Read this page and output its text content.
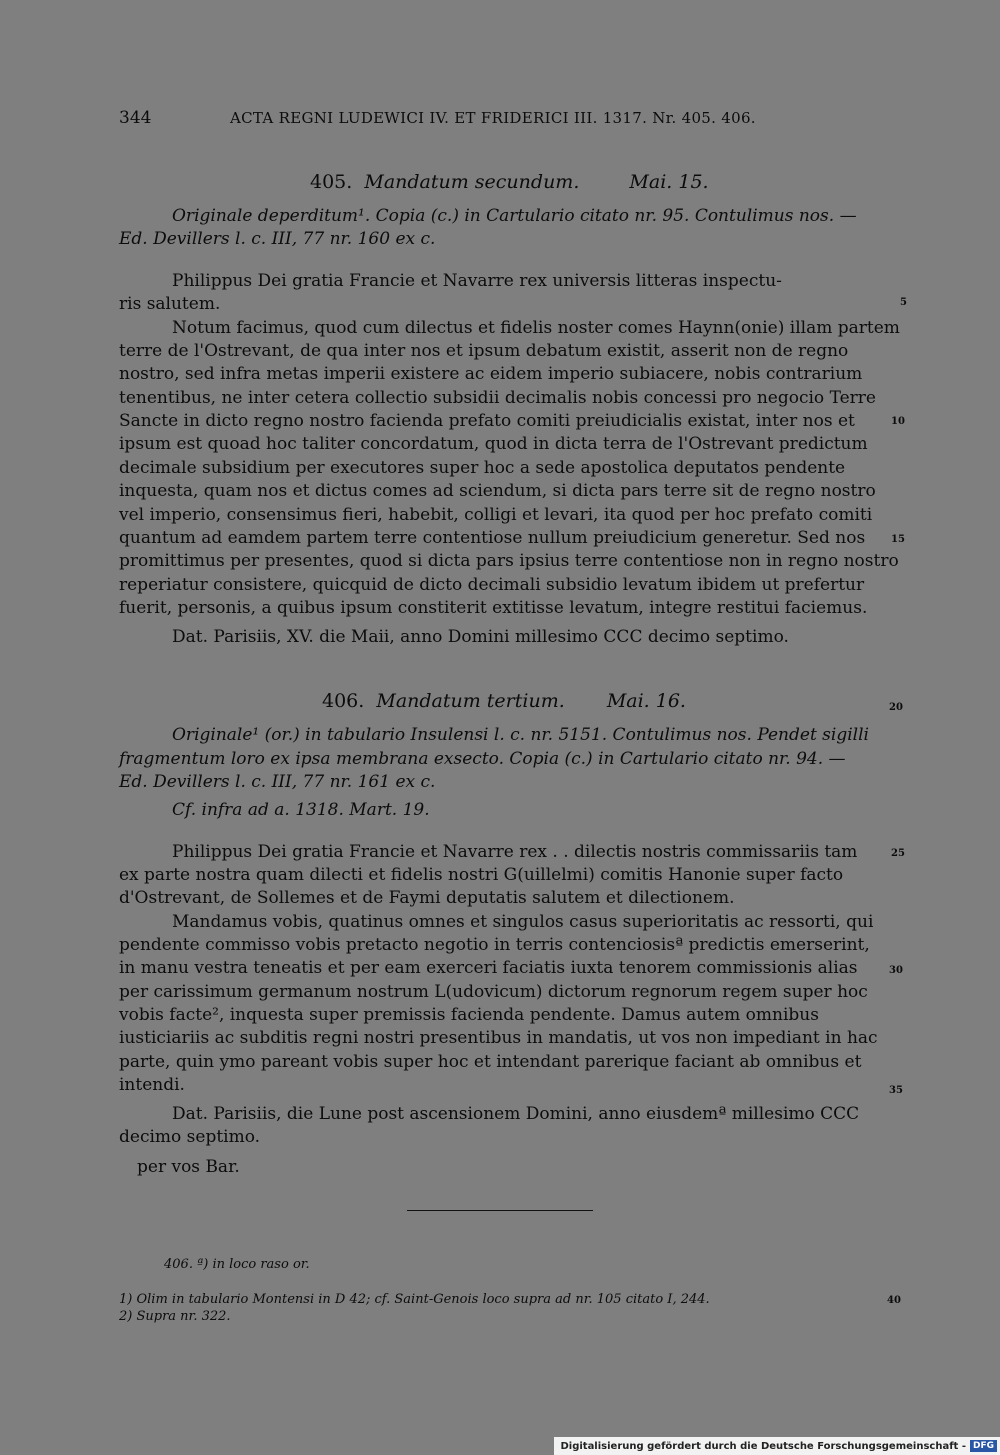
344	ACTA REGNI LUDEWICI IV. ET FRIDERICI III. 1317. Nr. 405. 406.
405. Mandatum secundum.	Mai. 15.
Originale deperditum¹. Copia (c.) in Cartulario citato nr. 95. Contulimus nos. —
Ed. Devillers l. c. III, 77 nr. 160 ex c.
Philippus Dei gratia Francie et Navarre rex universis litteras inspectu-
ris salutem.
Notum facimus, quod cum dilectus et fidelis noster comes Haynn(onie) illam partem
terre de l'Ostrevant, de qua inter nos et ipsum debatum existit, asserit non de regno
nostro, sed infra metas imperii existere ac eidem imperio subiacere, nobis contrarium
tenentibus, ne inter cetera collectio subsidii decimalis nobis concessi pro negocio Terre
Sancte in dicto regno nostro facienda prefato comiti preiudicialis existat, inter nos et
ipsum est quoad hoc taliter concordatum, quod in dicta terra de l'Ostrevant predictum
decimale subsidium per executores super hoc a sede apostolica deputatos pendente
inquesta, quam nos et dictus comes ad sciendum, si dicta pars terre sit de regno nostro
vel imperio, consensimus fieri, habebit, colligi et levari, ita quod per hoc prefato comiti
quantum ad eamdem partem terre contentiose nullum preiudicium generetur. Sed nos
promittimus per presentes, quod si dicta pars ipsius terre contentiose non in regno nostro
reperiatur consistere, quicquid de dicto decimali subsidio levatum ibidem ut prefertur
fuerit, personis, a quibus ipsum constiterit extitisse levatum, integre restitui faciemus.
Dat. Parisiis, XV. die Maii, anno Domini millesimo CCC decimo septimo.
406. Mandatum tertium. Mai. 16.
Originale¹ (or.) in tabulario Insulensi l. c. nr. 5151. Contulimus nos. Pendet sigilli
fragmentum loro ex ipsa membrana exsecto. Copia (c.) in Cartulario citato nr. 94. —
Ed. Devillers l. c. III, 77 nr. 161 ex c.
Cf. infra ad a. 1318. Mart. 19.
Philippus Dei gratia Francie et Navarre rex . . dilectis nostris commissariis tam
ex parte nostra quam dilecti et fidelis nostri G(uillelmi) comitis Hanonie super facto
d'Ostrevant, de Sollemes et de Faymi deputatis salutem et dilectionem.
Mandamus vobis, quatinus omnes et singulos casus superioritatis ac ressorti, qui
pendente commisso vobis pretacto negotio in terris contenciosisª predictis emerserint,
in manu vestra teneatis et per eam exerceri faciatis iuxta tenorem commissionis alias
per carissimum germanum nostrum L(udovicum) dictorum regnorum regem super hoc
vobis facte², inquesta super premissis facienda pendente. Damus autem omnibus
iusticiariis ac subditis regni nostri presentibus in mandatis, ut vos non impediant in hac
parte, quin ymo pareant vobis super hoc et intendant parerique faciant ab omnibus et
intendi.
Dat. Parisiis, die Lune post ascensionem Domini, anno eiusdemª millesimo CCC
decimo septimo.
per vos Bar.
5
10
15
20
25
30
35
40
406. ª) in loco raso or.
1) Olim in tabulario Montensi in D 42; cf. Saint-Genois loco supra ad nr. 105 citato I, 244.
2) Supra nr. 322.
Digitalisierung gefördert durch die Deutsche Forschungsgemeinschaft - DFG
